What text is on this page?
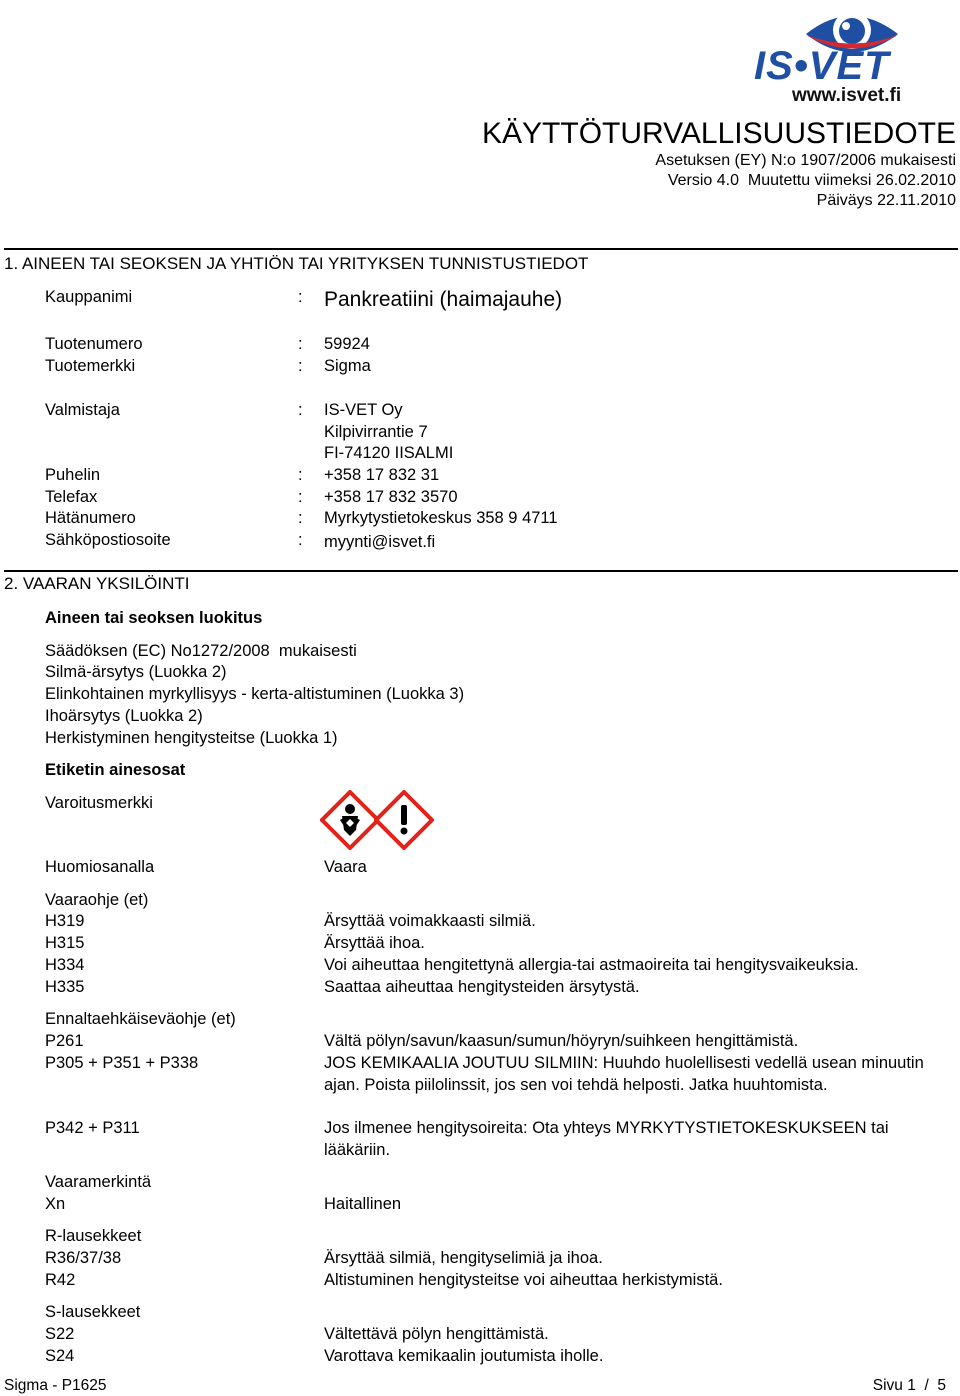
IS•VET
www.isvet.fi
KÄYTTÖTURVALLISUUSTIEDOTE
Asetuksen (EY) N:o 1907/2006 mukaisesti
Versio 4.0  Muutettu viimeksi 26.02.2010
Päiväys 22.11.2010
1. AINEEN TAI SEOKSEN JA YHTIÖN TAI YRITYKSEN TUNNISTUSTIEDOT
Kauppanimi	: Pankreatiini (haimajauhe)
Tuotenumero	: 59924
Tuotemerkki	: Sigma
Valmistaja	: IS-VET Oy
Kilpivirrantie 7
FI-74120 IISALMI
Puhelin	: +358 17 832 31
Telefax	: +358 17 832 3570
Hätänumero	: Myrkytystietokeskus 358 9 4711
Sähköpostiosoite	: myynti@isvet.fi
2. VAARAN YKSILÖINTI
Aineen tai seoksen luokitus
Säädöksen (EC) No1272/2008  mukaisesti
Silmä-ärsytys (Luokka 2)
Elinkohtainen myrkyllisyys - kerta-altistuminen (Luokka 3)
Ihoärsytys (Luokka 2)
Herkistyminen hengitysteitse (Luokka 1)
Etiketin ainesosat
Varoitusmerkki
Huomiosanalla	Vaara
Vaaraohje (et)
H319	Ärsyttää voimakkaasti silmiä.
H315	Ärsyttää ihoa.
H334	Voi aiheuttaa hengitettynä allergia-tai astmaoireita tai hengitysvaikeuksia.
H335	Saattaa aiheuttaa hengitysteiden ärsytystä.
Ennaltaehkäiseväohje (et)
P261	Vältä pölyn/savun/kaasun/sumun/höyryn/suihkeen hengittämistä.
P305 + P351 + P338	JOS KEMIKAALIA JOUTUU SILMIIN: Huuhdo huolellisesti vedellä usean minuutin ajan. Poista piilolinssit, jos sen voi tehdä helposti. Jatka huuhtomista.
P342 + P311	Jos ilmenee hengitysoireita: Ota yhteys MYRKYTYSTIETOKESKUKSEEN tai lääkäriin.
Vaaramerkintä
Xn	Haitallinen
R-lausekkeet
R36/37/38	Ärsyttää silmiä, hengityselimiä ja ihoa.
R42	Altistuminen hengitysteitse voi aiheuttaa herkistymistä.
S-lausekkeet
S22	Vältettävä pölyn hengittämistä.
S24	Varottava kemikaalin joutumista iholle.
Sigma - P1625	Sivu 1  /  5
